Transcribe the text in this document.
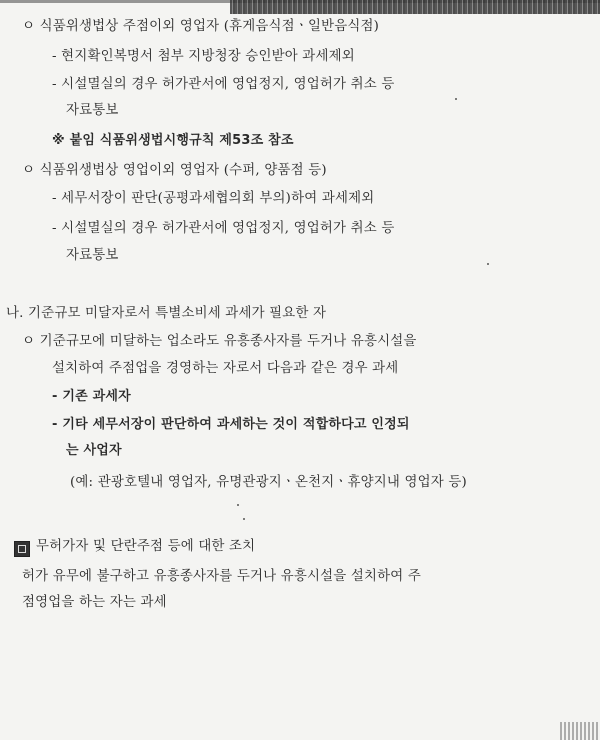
ㅇ 식품위생법상 주점이외 영업자 (휴게음식점ㆍ일반음식점)
- 현지확인복명서 첨부 지방청장 승인받아 과세제외
- 시설멸실의 경우 허가관서에 영업정지, 영업허가 취소 등
자료통보
※ 붙임 식품위생법시행규칙 제53조 참조
ㅇ 식품위생법상 영업이외 영업자 (수퍼, 양품점 등)
- 세무서장이 판단(공평과세협의회 부의)하여 과세제외
- 시설멸실의 경우 허가관서에 영업정지, 영업허가 취소 등
자료통보
나. 기준규모 미달자로서 특별소비세 과세가 필요한 자
ㅇ 기준규모에 미달하는 업소라도 유흥종사자를 두거나 유흥시설을
설치하여 주점업을 경영하는 자로서 다음과 같은 경우 과세
- 기존 과세자
- 기타 세무서장이 판단하여 과세하는 것이 적합하다고 인정되
는 사업자
(예: 관광호텔내 영업자, 유명관광지ㆍ온천지ㆍ휴양지내 영업자 등)
무허가자 및 단란주점 등에 대한 조치
허가 유무에 불구하고 유흥종사자를 두거나 유흥시설을 설치하여 주
점영업을 하는 자는 과세
